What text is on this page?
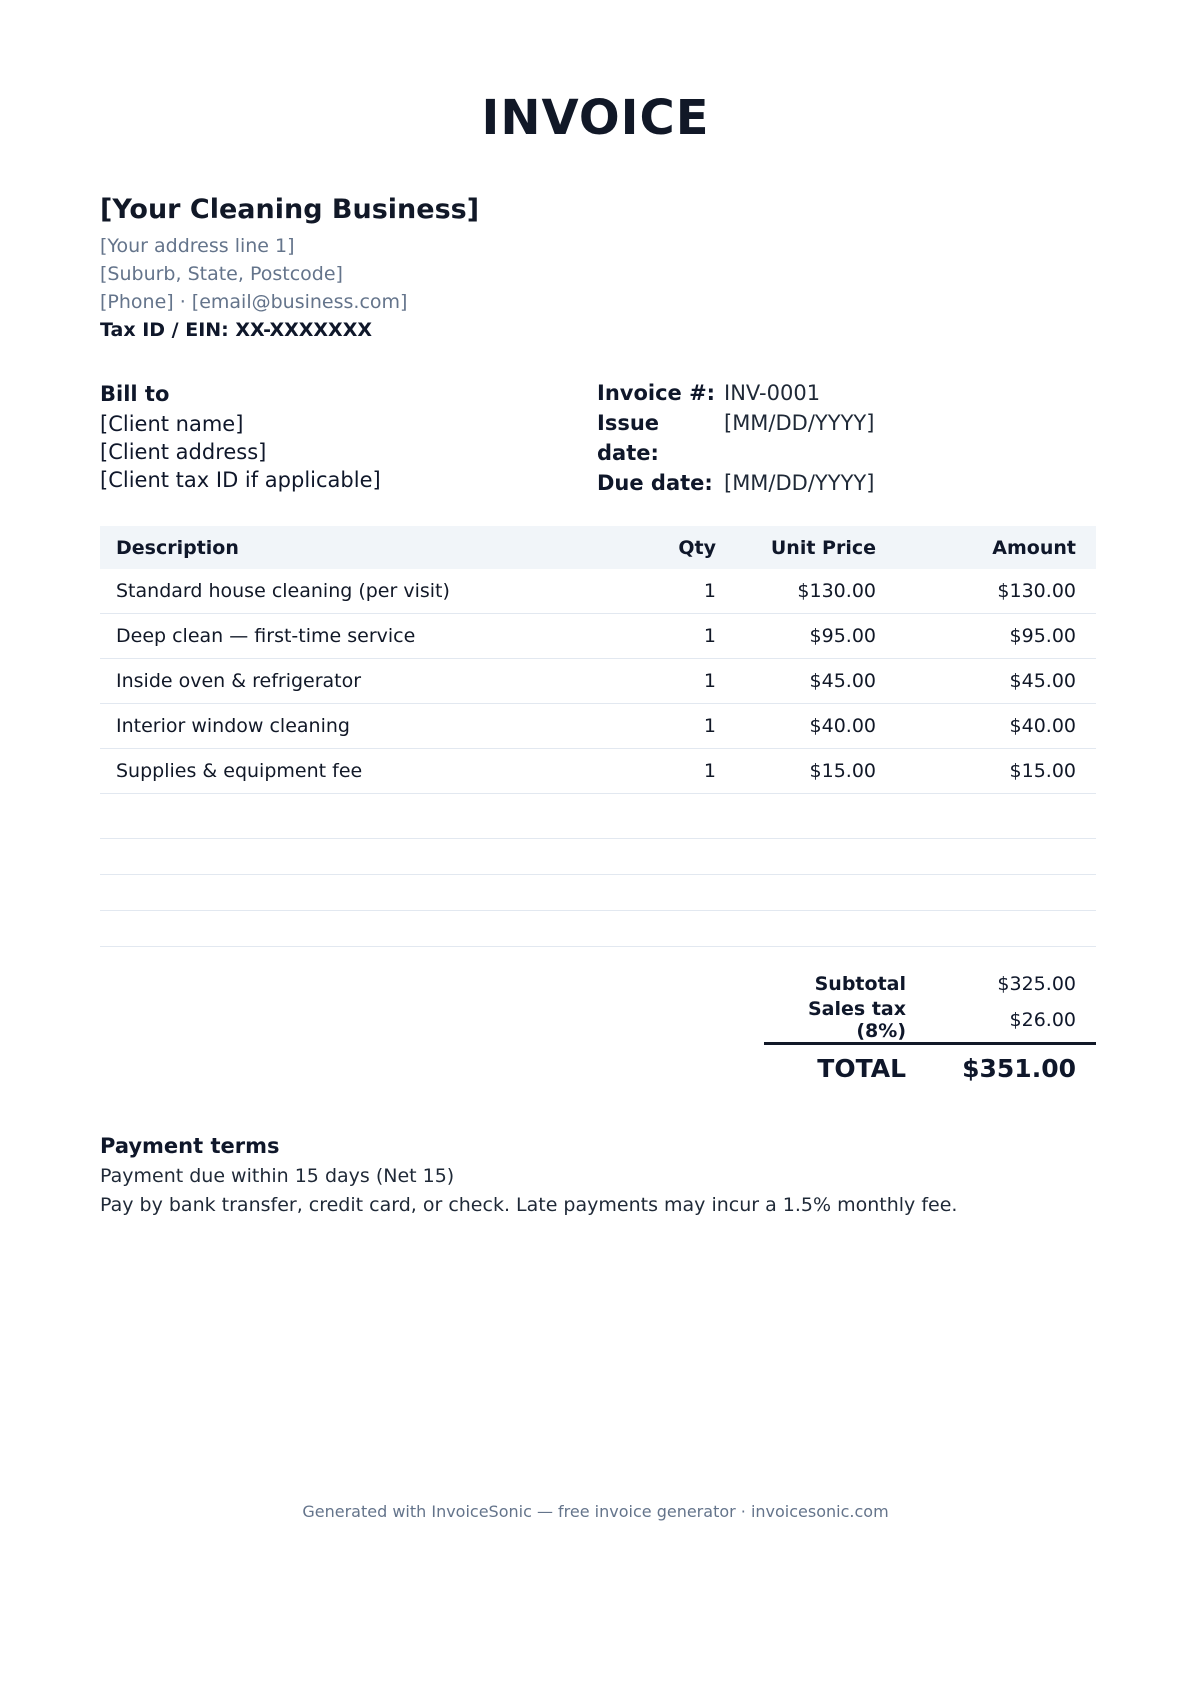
INVOICE
[Your Cleaning Business]
[Your address line 1]
[Suburb, State, Postcode]
[Phone] · [email@business.com]
Tax ID / EIN: XX-XXXXXXX
Bill to
[Client name]
[Client address]
[Client tax ID if applicable]
Invoice #: INV-0001
Issue date:
[MM/DD/YYYY]
Due date: [MM/DD/YYYY]
Description	Qty	Unit Price	Amount
Standard house cleaning (per visit)	1	$130.00	$130.00
Deep clean — first-time service	1	$95.00	$95.00
Inside oven & refrigerator	1	$45.00	$45.00
Interior window cleaning	1	$40.00	$40.00
Supplies & equipment fee	1	$15.00	$15.00

Subtotal	$325.00
Sales tax (8%)	$26.00
TOTAL	$351.00
Payment terms
Payment due within 15 days (Net 15)
Pay by bank transfer, credit card, or check. Late payments may incur a 1.5% monthly fee.
Generated with InvoiceSonic — free invoice generator · invoicesonic.com
